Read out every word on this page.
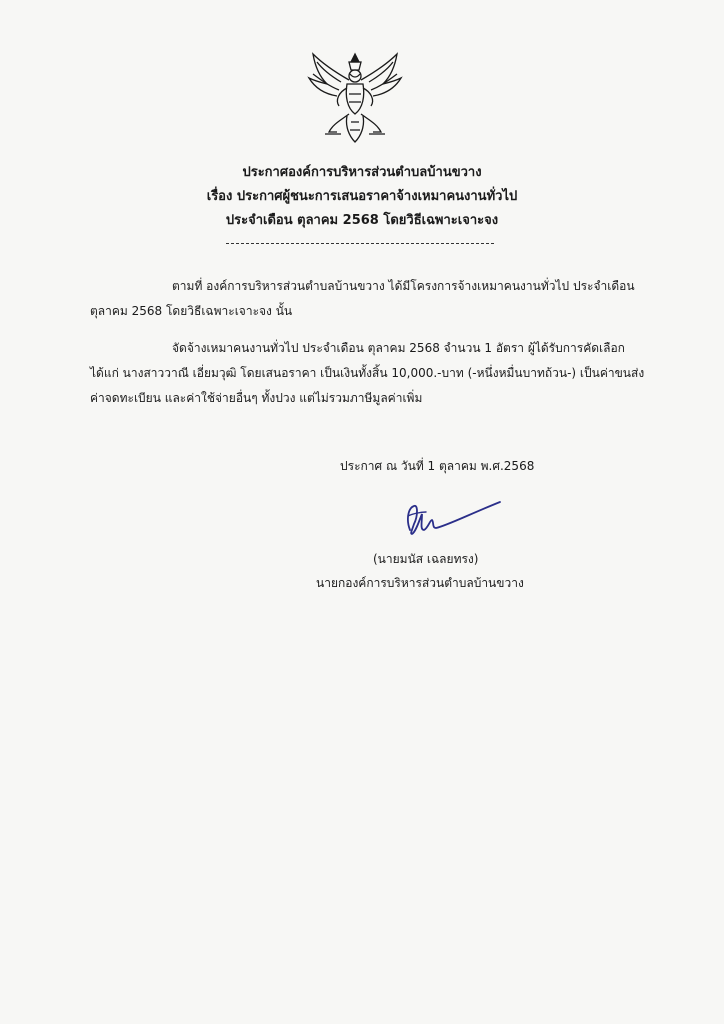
ประกาศองค์การบริหารส่วนตำบลบ้านขวาง
เรื่อง ประกาศผู้ชนะการเสนอราคาจ้างเหมาคนงานทั่วไป
ประจำเดือน ตุลาคม 2568 โดยวิธีเฉพาะเจาะจง
ตามที่ องค์การบริหารส่วนตำบลบ้านขวาง ได้มีโครงการจ้างเหมาคนงานทั่วไป ประจำเดือน
ตุลาคม 2568 โดยวิธีเฉพาะเจาะจง นั้น
จัดจ้างเหมาคนงานทั่วไป ประจำเดือน ตุลาคม 2568 จำนวน 1 อัตรา ผู้ได้รับการคัดเลือก
ได้แก่ นางสาววาณี เอี่ยมวุฒิ โดยเสนอราคา เป็นเงินทั้งสิ้น 10,000.-บาท (-หนึ่งหมื่นบาทถ้วน-) เป็นค่าขนส่ง
ค่าจดทะเบียน และค่าใช้จ่ายอื่นๆ ทั้งปวง แต่ไม่รวมภาษีมูลค่าเพิ่ม
ประกาศ ณ วันที่ 1 ตุลาคม พ.ศ.2568
(นายมนัส เฉลยทรง)
นายกองค์การบริหารส่วนตำบลบ้านขวาง
